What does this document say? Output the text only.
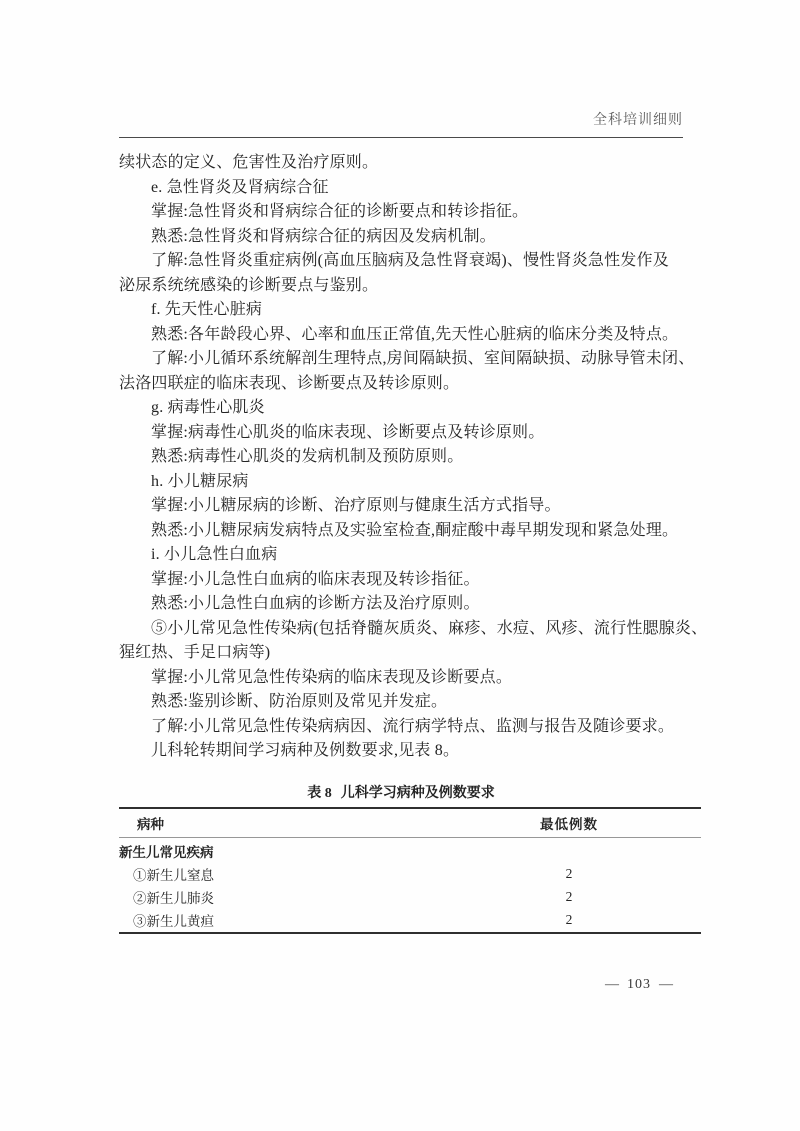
全科培训细则
续状态的定义、危害性及治疗原则。
e. 急性肾炎及肾病综合征
掌握:急性肾炎和肾病综合征的诊断要点和转诊指征。
熟悉:急性肾炎和肾病综合征的病因及发病机制。
了解:急性肾炎重症病例(高血压脑病及急性肾衰竭)、慢性肾炎急性发作及
泌尿系统统感染的诊断要点与鉴别。
f. 先天性心脏病
熟悉:各年龄段心界、心率和血压正常值,先天性心脏病的临床分类及特点。
了解:小儿循环系统解剖生理特点,房间隔缺损、室间隔缺损、动脉导管未闭、
法洛四联症的临床表现、诊断要点及转诊原则。
g. 病毒性心肌炎
掌握:病毒性心肌炎的临床表现、诊断要点及转诊原则。
熟悉:病毒性心肌炎的发病机制及预防原则。
h. 小儿糖尿病
掌握:小儿糖尿病的诊断、治疗原则与健康生活方式指导。
熟悉:小儿糖尿病发病特点及实验室检查,酮症酸中毒早期发现和紧急处理。
i. 小儿急性白血病
掌握:小儿急性白血病的临床表现及转诊指征。
熟悉:小儿急性白血病的诊断方法及治疗原则。
⑤小儿常见急性传染病(包括脊髓灰质炎、麻疹、水痘、风疹、流行性腮腺炎、
猩红热、手足口病等)
掌握:小儿常见急性传染病的临床表现及诊断要点。
熟悉:鉴别诊断、防治原则及常见并发症。
了解:小儿常见急性传染病病因、流行病学特点、监测与报告及随诊要求。
儿科轮转期间学习病种及例数要求,见表 8。
表 8 儿科学习病种及例数要求
病种	最低例数
新生儿常见疾病	
①新生儿窒息	2
②新生儿肺炎	2
③新生儿黄疸	2
— 103 —
